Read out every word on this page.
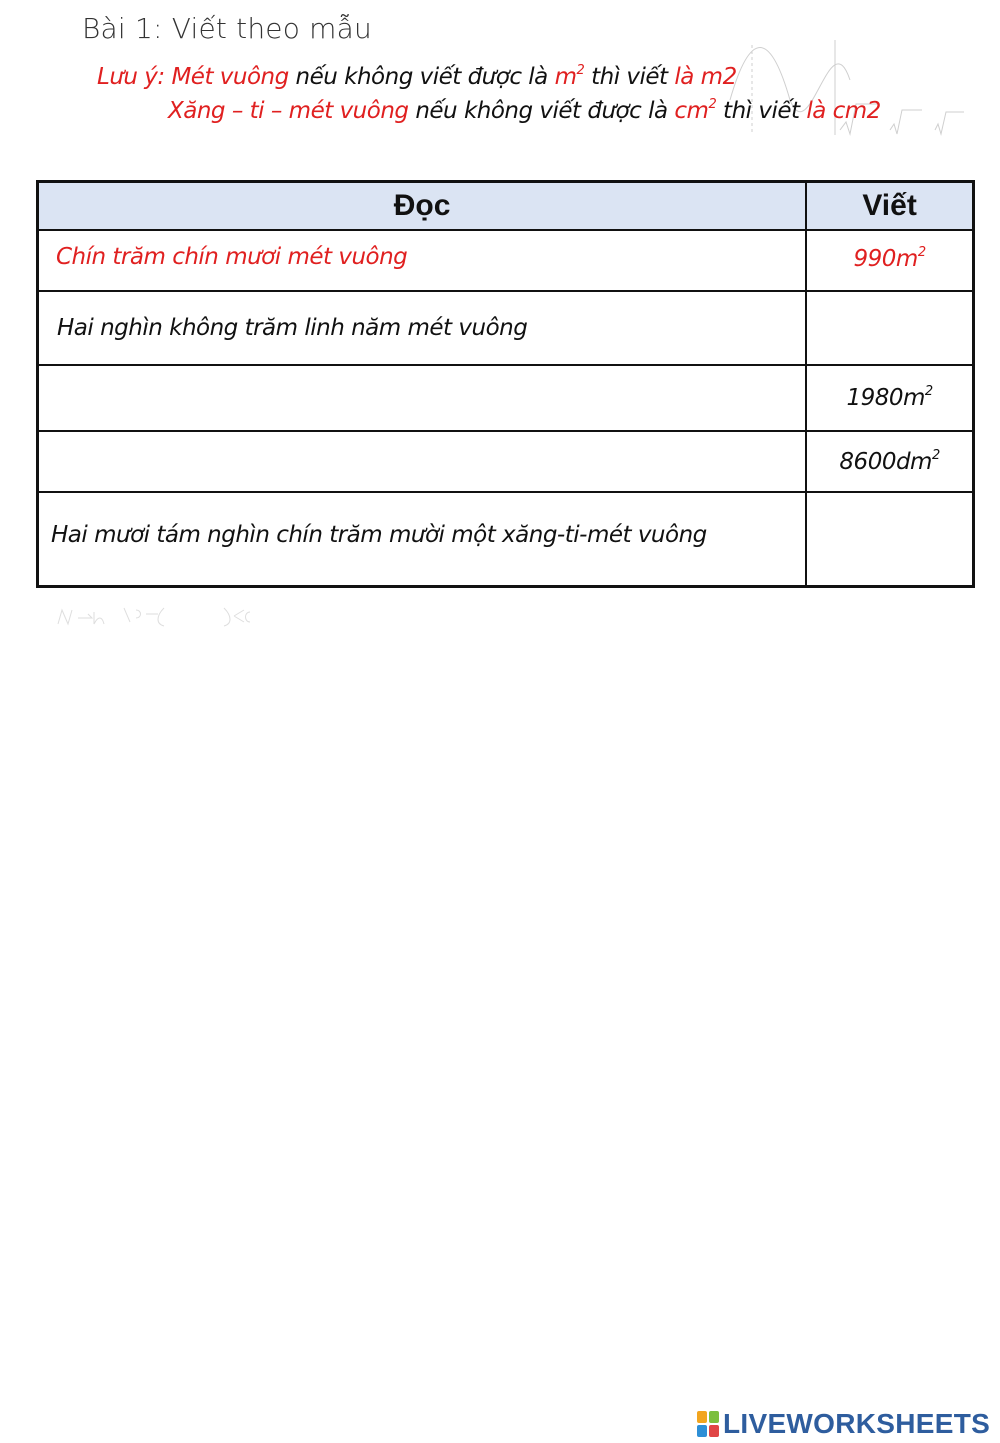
Bài 1: Viết theo mẫu
Lưu ý: Mét vuông nếu không viết được là $m^2$ thì viết là m2
Xăng – ti – mét vuông nếu không viết được là $cm^2$ thì viết là cm2
Đọc	Viết

Chín trăm chín mươi mét vuông	$990m^2$

Hai nghìn không trăm linh năm mét vuông	

	$1980m^2$

	$8600dm^2$

Hai mươi tám nghìn chín trăm mười một xăng-ti-mét vuông	

LIVEWORKSHEETS
